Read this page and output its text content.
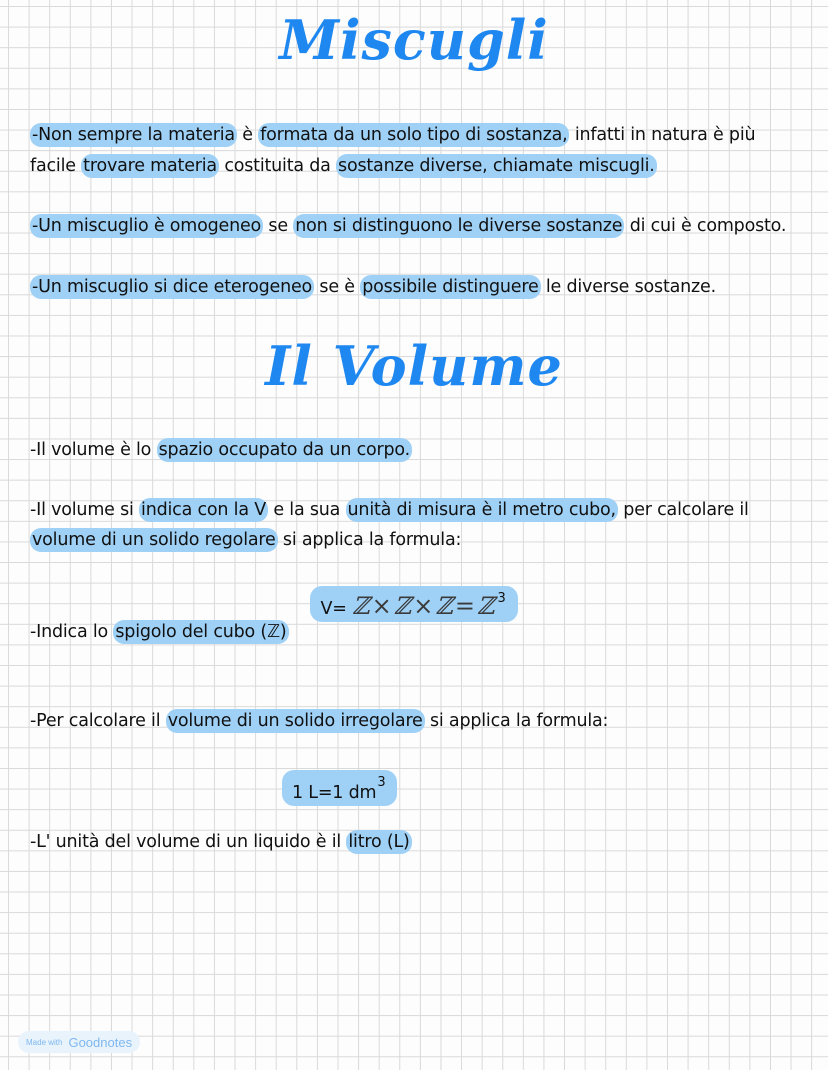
Miscugli
-Non sempre la materia è formata da un solo tipo di sostanza, infatti in natura è più
facile trovare materia costituita da sostanze diverse, chiamate miscugli.
-Un miscuglio è omogeneo se non si distinguono le diverse sostanze di cui è composto.
-Un miscuglio si dice eterogeneo se è possibile distinguere le diverse sostanze.
Il Volume
-Il volume è lo spazio occupato da un corpo.
-Il volume si indica con la V e la sua unità di misura è il metro cubo, per calcolare il
volume di un solido regolare si applica la formula:
V= ℤ×ℤ×ℤ=ℤ$^3$
-Indica lo spigolo del cubo (ℤ)
-Per calcolare il volume di un solido irregolare si applica la formula:
1 L=1 $dm^3$
-L' unità del volume di un liquido è il litro (L)
Made with Goodnotes
